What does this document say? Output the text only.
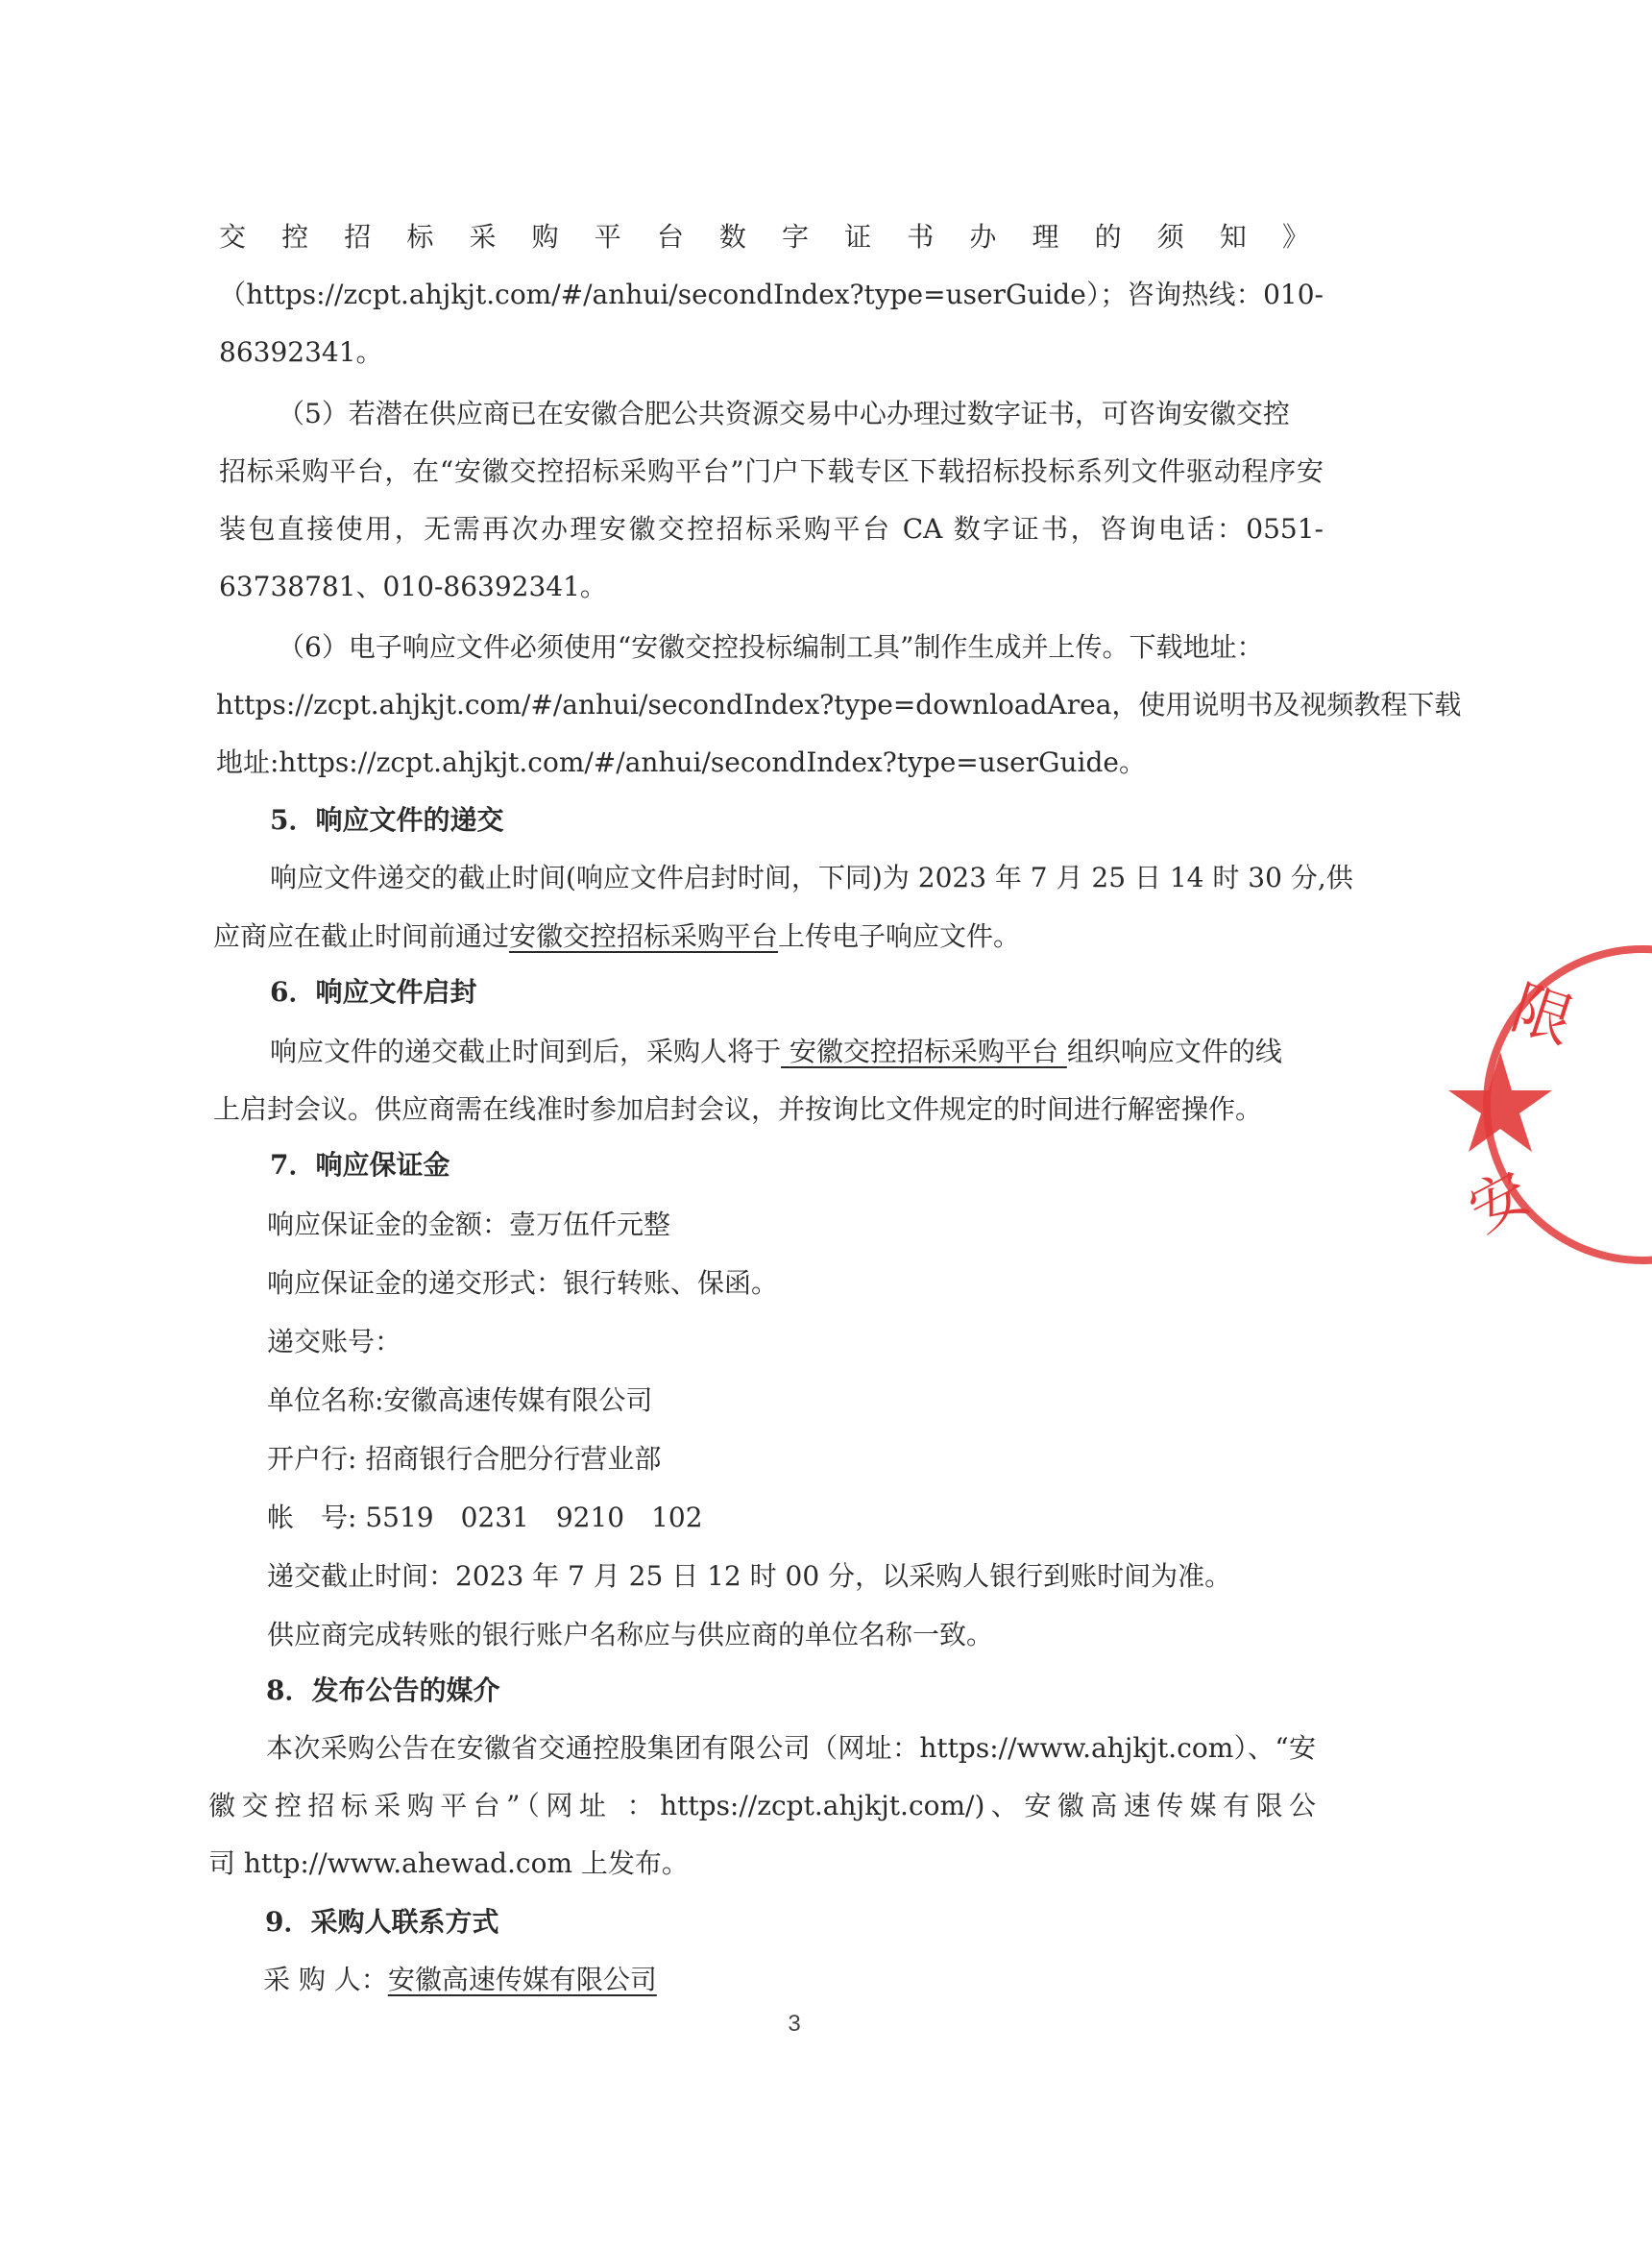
交控招标采购平台数字证书办理的须知》
（https://zcpt.ahjkjt.com/#/anhui/secondIndex?type=userGuide）；咨询热线：010-
86392341。
（5）若潜在供应商已在安徽合肥公共资源交易中心办理过数字证书，可咨询安徽交控
招标采购平台，在“安徽交控招标采购平台”门户下载专区下载招标投标系列文件驱动程序安
装包直接使用，无需再次办理安徽交控招标采购平台 CA 数字证书，咨询电话：0551-
63738781、010-86392341。
（6）电子响应文件必须使用“安徽交控投标编制工具”制作生成并上传。下载地址：
https://zcpt.ahjkjt.com/#/anhui/secondIndex?type=downloadArea，使用说明书及视频教程下载
地址:https://zcpt.ahjkjt.com/#/anhui/secondIndex?type=userGuide。
5．响应文件的递交
响应文件递交的截止时间(响应文件启封时间，下同)为 2023 年 7 月 25 日 14 时 30 分,供
应商应在截止时间前通过安徽交控招标采购平台上传电子响应文件。
6．响应文件启封
响应文件的递交截止时间到后，采购人将于 安徽交控招标采购平台 组织响应文件的线
上启封会议。供应商需在线准时参加启封会议，并按询比文件规定的时间进行解密操作。
7．响应保证金
响应保证金的金额：壹万伍仟元整
响应保证金的递交形式：银行转账、保函。
递交账号：
单位名称:安徽高速传媒有限公司
开户行: 招商银行合肥分行营业部
帐　号: 5519　0231　9210　102
递交截止时间：2023 年 7 月 25 日 12 时 00 分，以采购人银行到账时间为准。
供应商完成转账的银行账户名称应与供应商的单位名称一致。
8．发布公告的媒介
本次采购公告在安徽省交通控股集团有限公司（网址：https://www.ahjkjt.com）、“安
徽交控招标采购平台”（网址 ：https://zcpt.ahjkjt.com/)、安徽高速传媒有限公
司 http://www.ahewad.com 上发布。
9．采购人联系方式
采 购 人：安徽高速传媒有限公司
3
限
安
